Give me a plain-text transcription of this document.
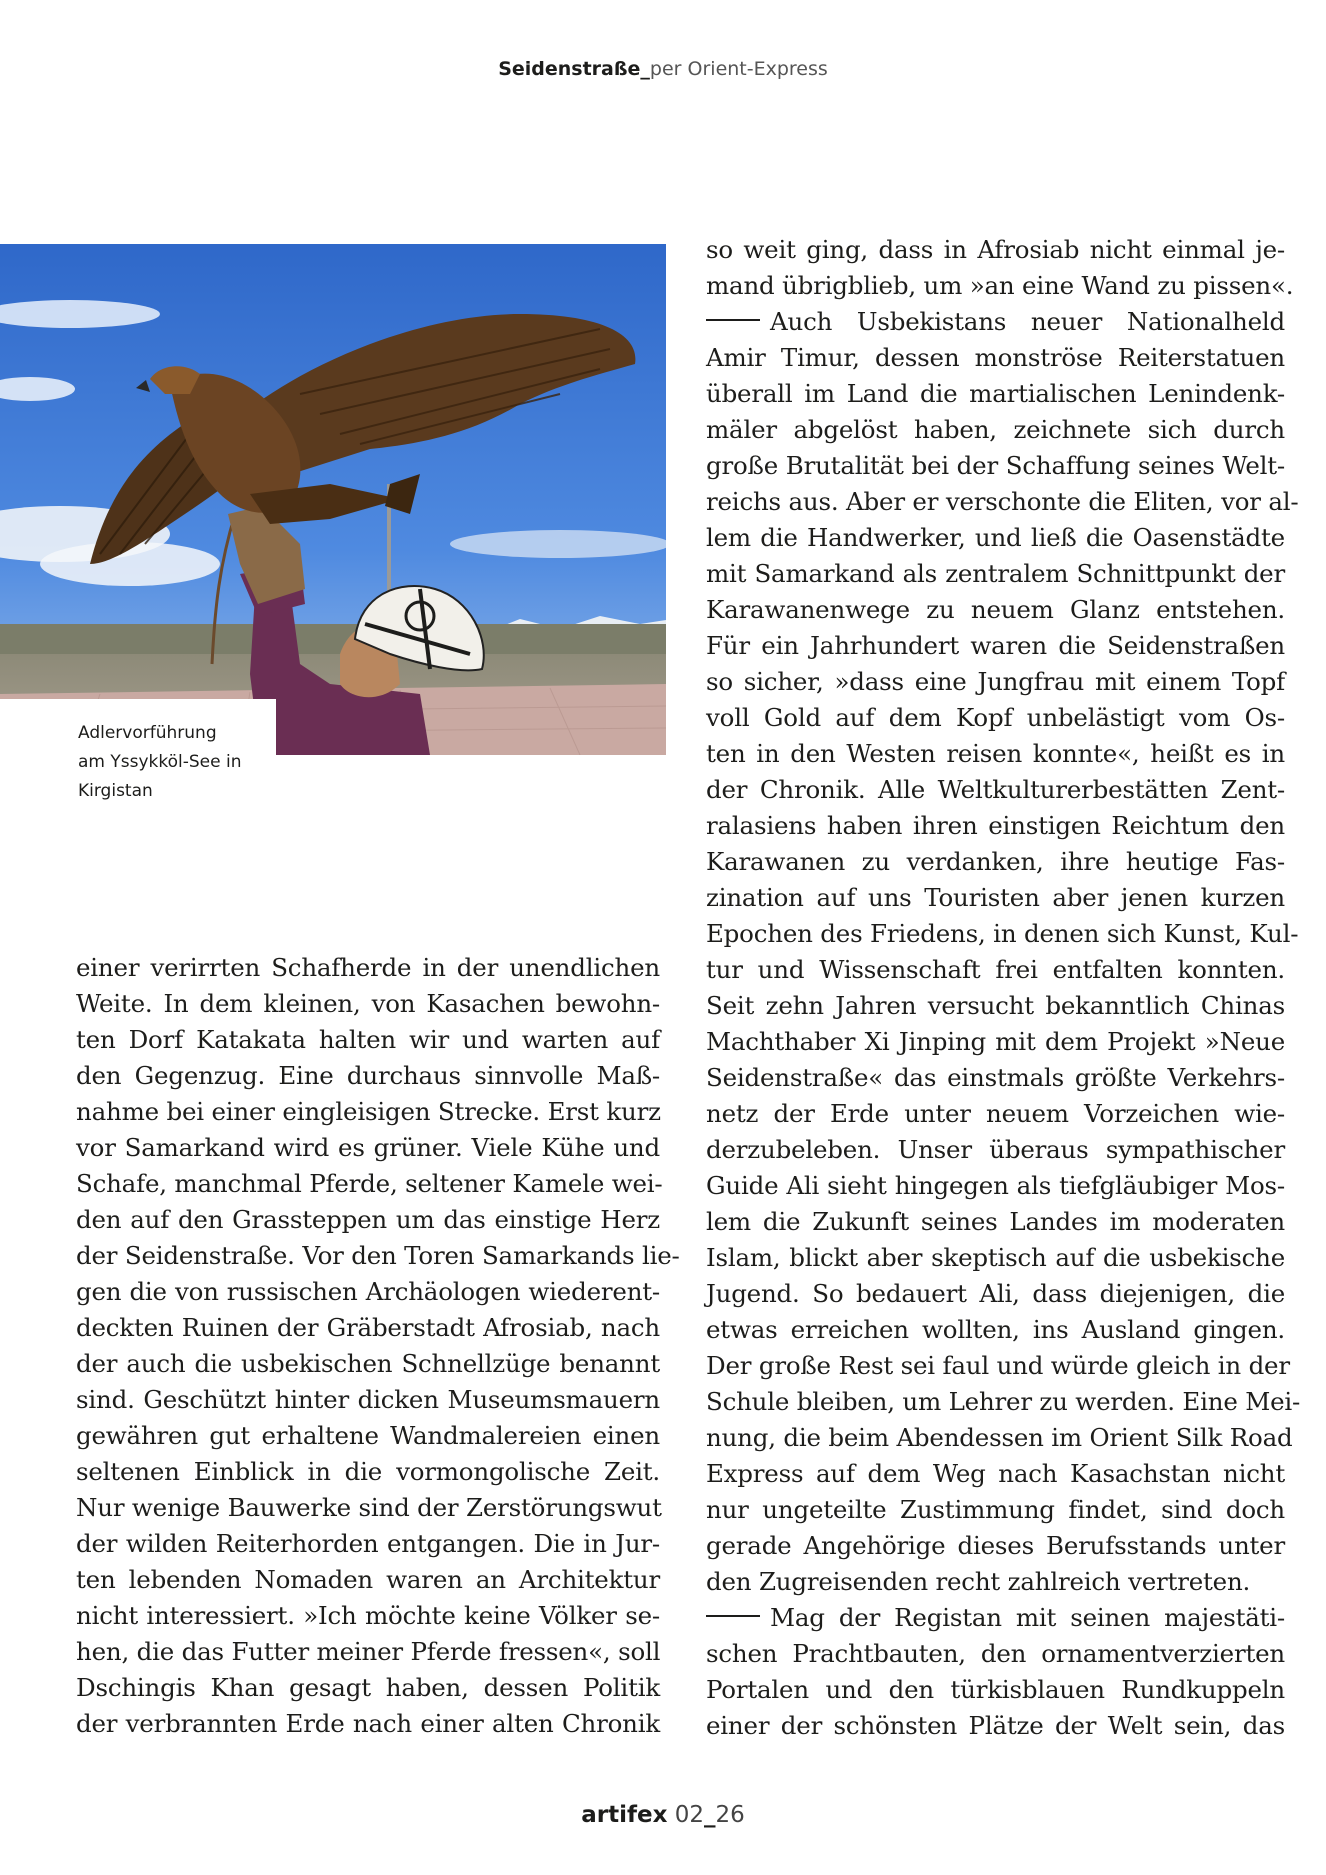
Seidenstraße_per Orient-Express
Adlervorführung
am Yssykköl-See in
Kirgistan
einer verirrten Schafherde in der unendlichen
Weite. In dem kleinen, von Kasachen bewohn-
ten Dorf Katakata halten wir und warten auf
den Gegenzug. Eine durchaus sinnvolle Maß-
nahme bei einer eingleisigen Strecke. Erst kurz
vor Samarkand wird es grüner. Viele Kühe und
Schafe, manchmal Pferde, seltener Kamele wei-
den auf den Grassteppen um das einstige Herz
der Seidenstraße. Vor den Toren Samarkands lie-
gen die von russischen Archäologen wiederent-
deckten Ruinen der Gräberstadt Afrosiab, nach
der auch die usbekischen Schnellzüge benannt
sind. Geschützt hinter dicken Museumsmauern
gewähren gut erhaltene Wandmalereien einen
seltenen Einblick in die vormongolische Zeit.
Nur wenige Bauwerke sind der Zerstörungswut
der wilden Reiterhorden entgangen. Die in Jur-
ten lebenden Nomaden waren an Architektur
nicht interessiert. »Ich möchte keine Völker se-
hen, die das Futter meiner Pferde fressen«, soll
Dschingis Khan gesagt haben, dessen Politik
der verbrannten Erde nach einer alten Chronik
so weit ging, dass in Afrosiab nicht einmal je-
mand übrigblieb, um »an eine Wand zu pissen«.
Auch Usbekistans neuer Nationalheld
Amir Timur, dessen monströse Reiterstatuen
überall im Land die martialischen Lenindenk-
mäler abgelöst haben, zeichnete sich durch
große Brutalität bei der Schaffung seines Welt-
reichs aus. Aber er verschonte die Eliten, vor al-
lem die Handwerker, und ließ die Oasenstädte
mit Samarkand als zentralem Schnittpunkt der
Karawanenwege zu neuem Glanz entstehen.
Für ein Jahrhundert waren die Seidenstraßen
so sicher, »dass eine Jungfrau mit einem Topf
voll Gold auf dem Kopf unbelästigt vom Os-
ten in den Westen reisen konnte«, heißt es in
der Chronik. Alle Weltkulturerbestätten Zent-
ralasiens haben ihren einstigen Reichtum den
Karawanen zu verdanken, ihre heutige Fas-
zination auf uns Touristen aber jenen kurzen
Epochen des Friedens, in denen sich Kunst, Kul-
tur und Wissenschaft frei entfalten konnten.
Seit zehn Jahren versucht bekanntlich Chinas
Machthaber Xi Jinping mit dem Projekt »Neue
Seidenstraße« das einstmals größte Verkehrs-
netz der Erde unter neuem Vorzeichen wie-
derzubeleben. Unser überaus sympathischer
Guide Ali sieht hingegen als tiefgläubiger Mos-
lem die Zukunft seines Landes im moderaten
Islam, blickt aber skeptisch auf die usbekische
Jugend. So bedauert Ali, dass diejenigen, die
etwas erreichen wollten, ins Ausland gingen.
Der große Rest sei faul und würde gleich in der
Schule bleiben, um Lehrer zu werden. Eine Mei-
nung, die beim Abendessen im Orient Silk Road
Express auf dem Weg nach Kasachstan nicht
nur ungeteilte Zustimmung findet, sind doch
gerade Angehörige dieses Berufsstands unter
den Zugreisenden recht zahlreich vertreten.
Mag der Registan mit seinen majestäti-
schen Prachtbauten, den ornamentverzierten
Portalen und den türkisblauen Rundkuppeln
einer der schönsten Plätze der Welt sein, das
artifex 02_26
